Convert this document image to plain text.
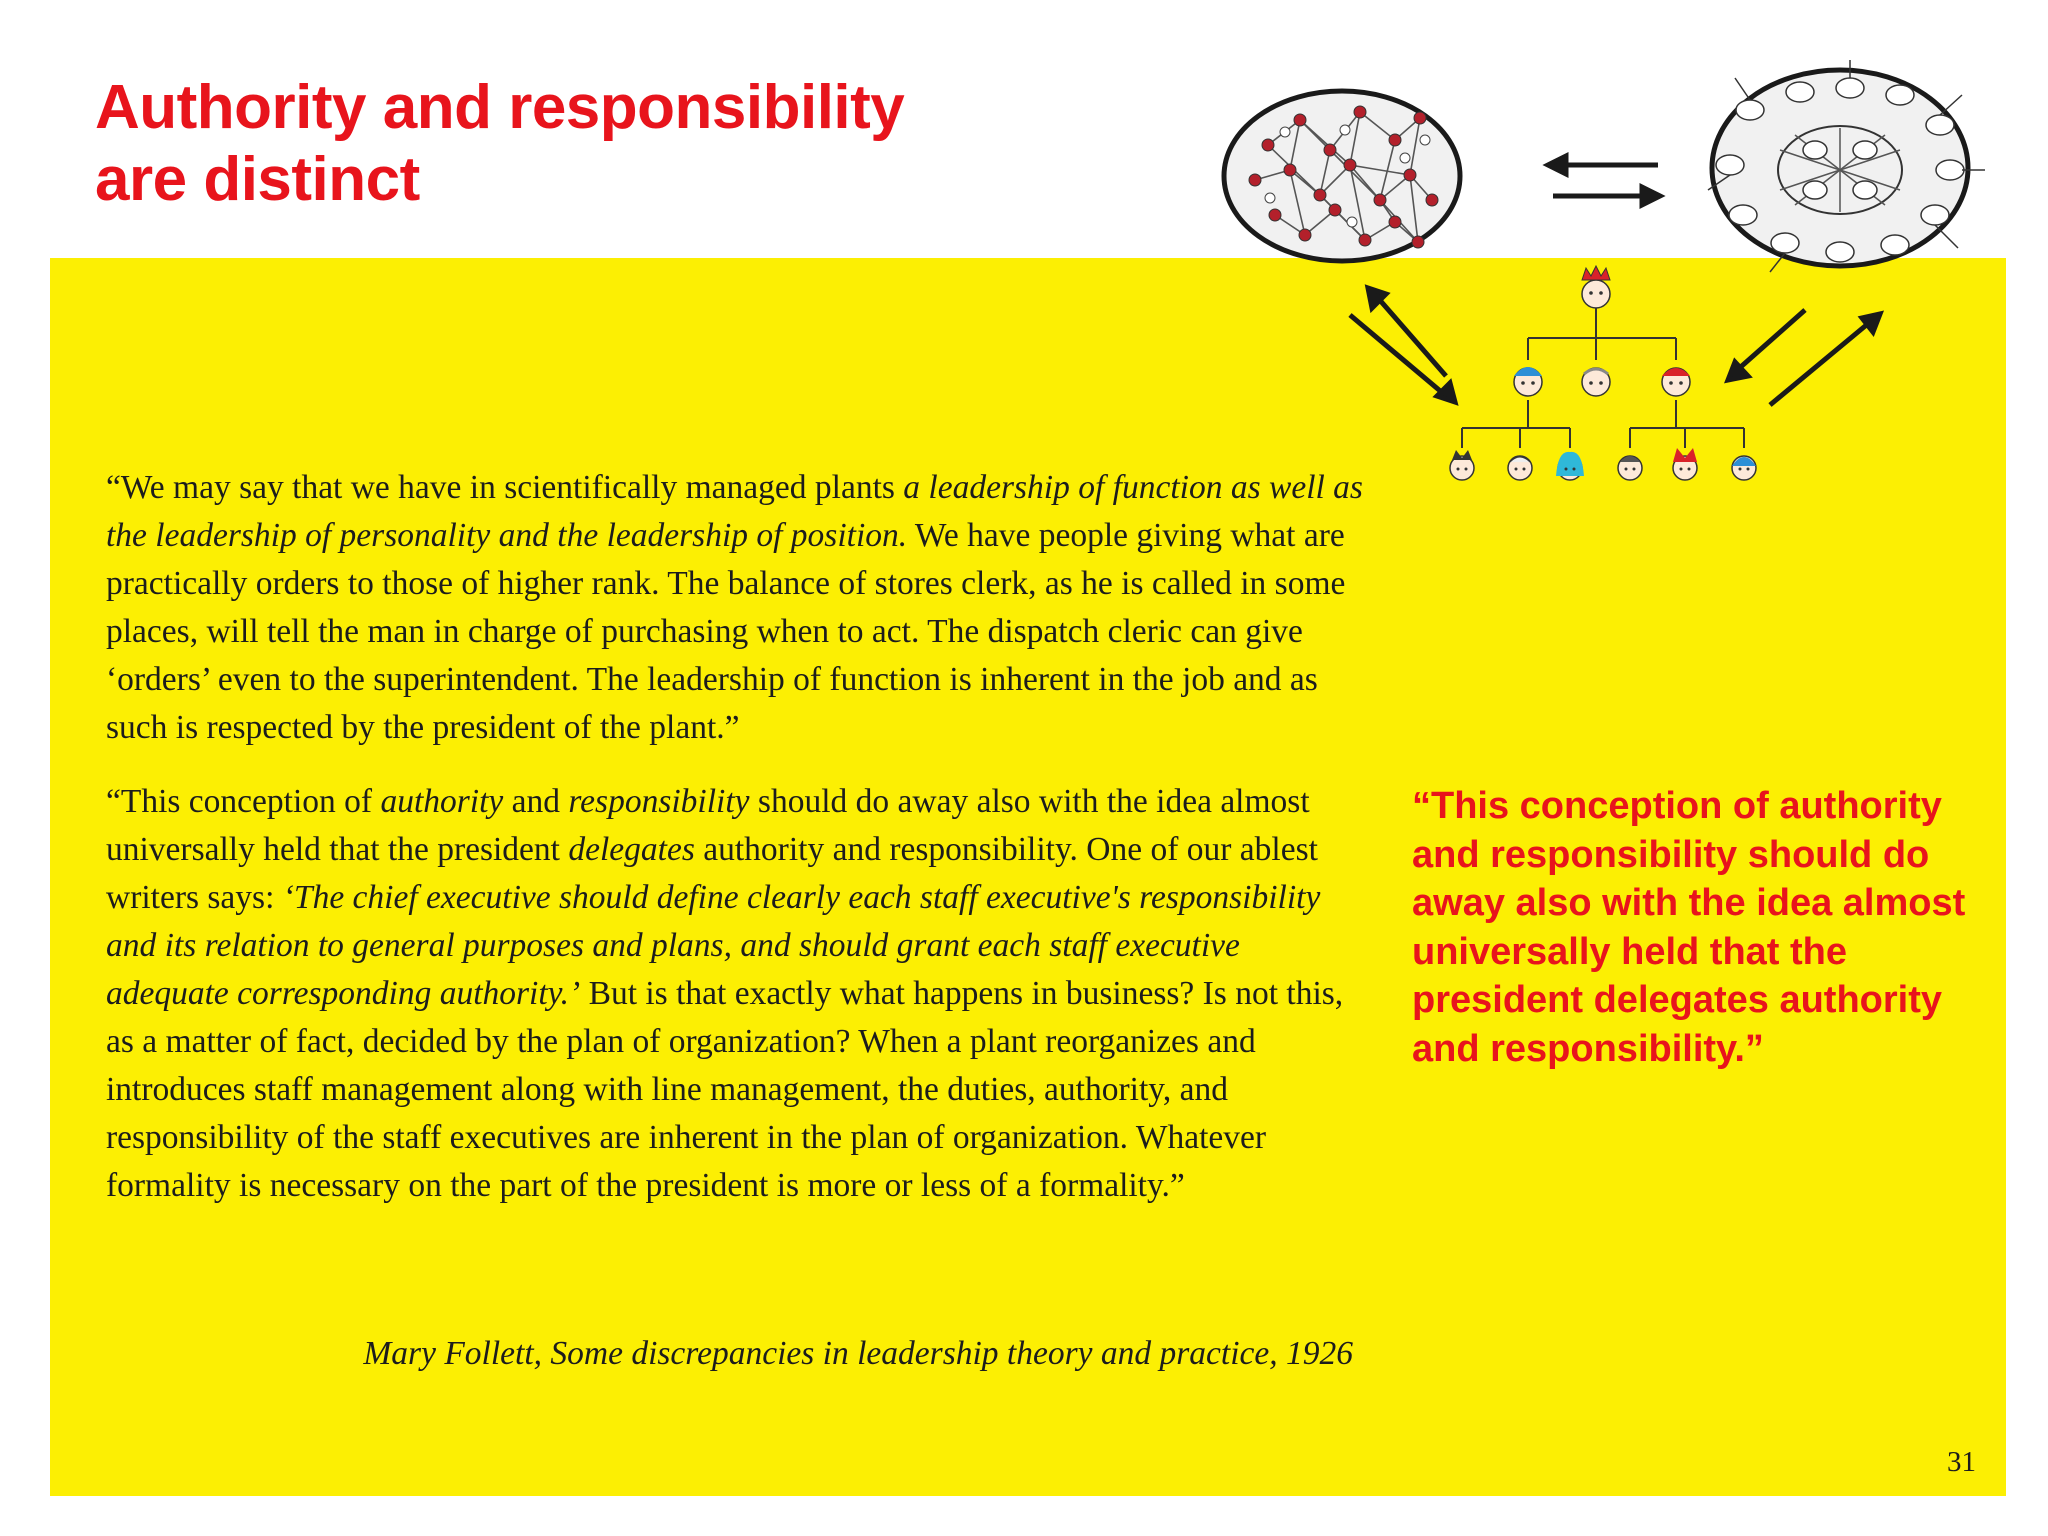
Authority and responsibility
are distinct

“We may say that we have in scientifically managed plants a leadership of function as well as the leadership of personality and the leadership of position. We have people giving what are practically orders to those of higher rank. The balance of stores clerk, as he is called in some places, will tell the man in charge of purchasing when to act. The dispatch cleric can give ‘orders’ even to the superintendent. The leadership of function is inherent in the job and as such is respected by the president of the plant.”

“This conception of authority and responsibility should do away also with the idea almost universally held that the president delegates authority and responsibility. One of our ablest writers says: ‘The chief executive should define clearly each staff executive's responsibility and its relation to general purposes and plans, and should grant each staff executive adequate corresponding authority.’ But is that exactly what happens in business? Is not this, as a matter of fact, decided by the plan of organization? When a plant reorganizes and introduces staff management along with line management, the duties, authority, and responsibility of the staff executives are inherent in the plan of organization. Whatever formality is necessary on the part of the president is more or less of a formality.”

Mary Follett, Some discrepancies in leadership theory and practice, 1926
“This conception of authority and responsibility should do away also with the idea almost universally held that the president delegates authority and responsibility.”
31
